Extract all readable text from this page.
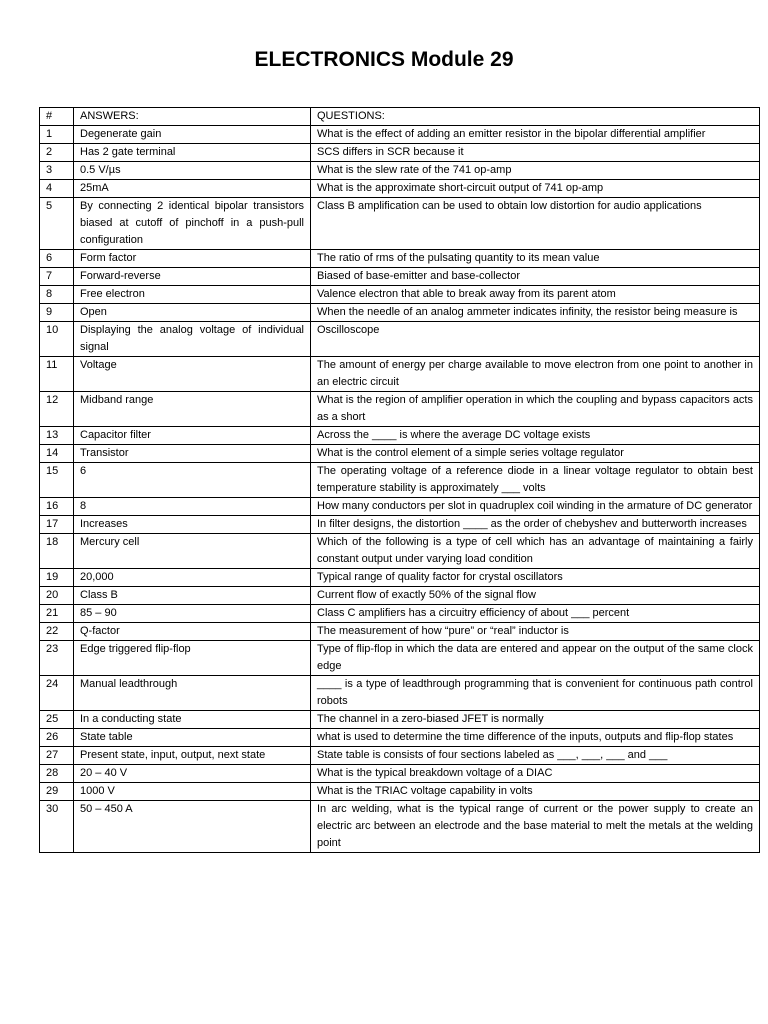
ELECTRONICS Module 29
#	ANSWERS:	QUESTIONS:
1	Degenerate gain	What is the effect of adding an emitter resistor in the bipolar differential amplifier
2	Has 2 gate terminal	SCS differs in SCR because it
3	0.5 V/µs	What is the slew rate of the 741 op-amp
4	25mA	What is the approximate short-circuit output of 741 op-amp
5	By connecting 2 identical bipolar transistors biased at cutoff of pinchoff in a push-pull configuration	Class B amplification can be used to obtain low distortion for audio applications
6	Form factor	The ratio of rms of the pulsating quantity to its mean value
7	Forward-reverse	Biased of base-emitter and base-collector
8	Free electron	Valence electron that able to break away from its parent atom
9	Open	When the needle of an analog ammeter indicates infinity, the resistor being measure is
10	Displaying the analog voltage of individual signal	Oscilloscope
11	Voltage	The amount of energy per charge available to move electron from one point to another in an electric circuit
12	Midband range	What is the region of amplifier operation in which the coupling and bypass capacitors acts as a short
13	Capacitor filter	Across the ____ is where the average DC voltage exists
14	Transistor	What is the control element of a simple series voltage regulator
15	6	The operating voltage of a reference diode in a linear voltage regulator to obtain best temperature stability is approximately ___ volts
16	8	How many conductors per slot in quadruplex coil winding in the armature of DC generator
17	Increases	In filter designs, the distortion ____ as the order of chebyshev and butterworth increases
18	Mercury cell	Which of the following is a type of cell which has an advantage of maintaining a fairly constant output under varying load condition
19	20,000	Typical range of quality factor for crystal oscillators
20	Class B	Current flow of exactly 50% of the signal flow
21	85 – 90	Class C amplifiers has a circuitry efficiency of about ___ percent
22	Q-factor	The measurement of how “pure” or “real” inductor is
23	Edge triggered flip-flop	Type of flip-flop in which the data are entered and appear on the output of the same clock edge
24	Manual leadthrough	____ is a type of leadthrough programming that is convenient for continuous path control robots
25	In a conducting state	The channel in a zero-biased JFET is normally
26	State table	what is used to determine the time difference of the inputs, outputs and flip-flop states
27	Present state, input, output, next state	State table is consists of four sections labeled as ___, ___, ___ and ___
28	20 – 40 V	What is the typical breakdown voltage of a DIAC
29	1000 V	What is the TRIAC voltage capability in volts
30	50 – 450 A	In arc welding, what is the typical range of current or the power supply to create an electric arc between an electrode and the base material to melt the metals at the welding point
